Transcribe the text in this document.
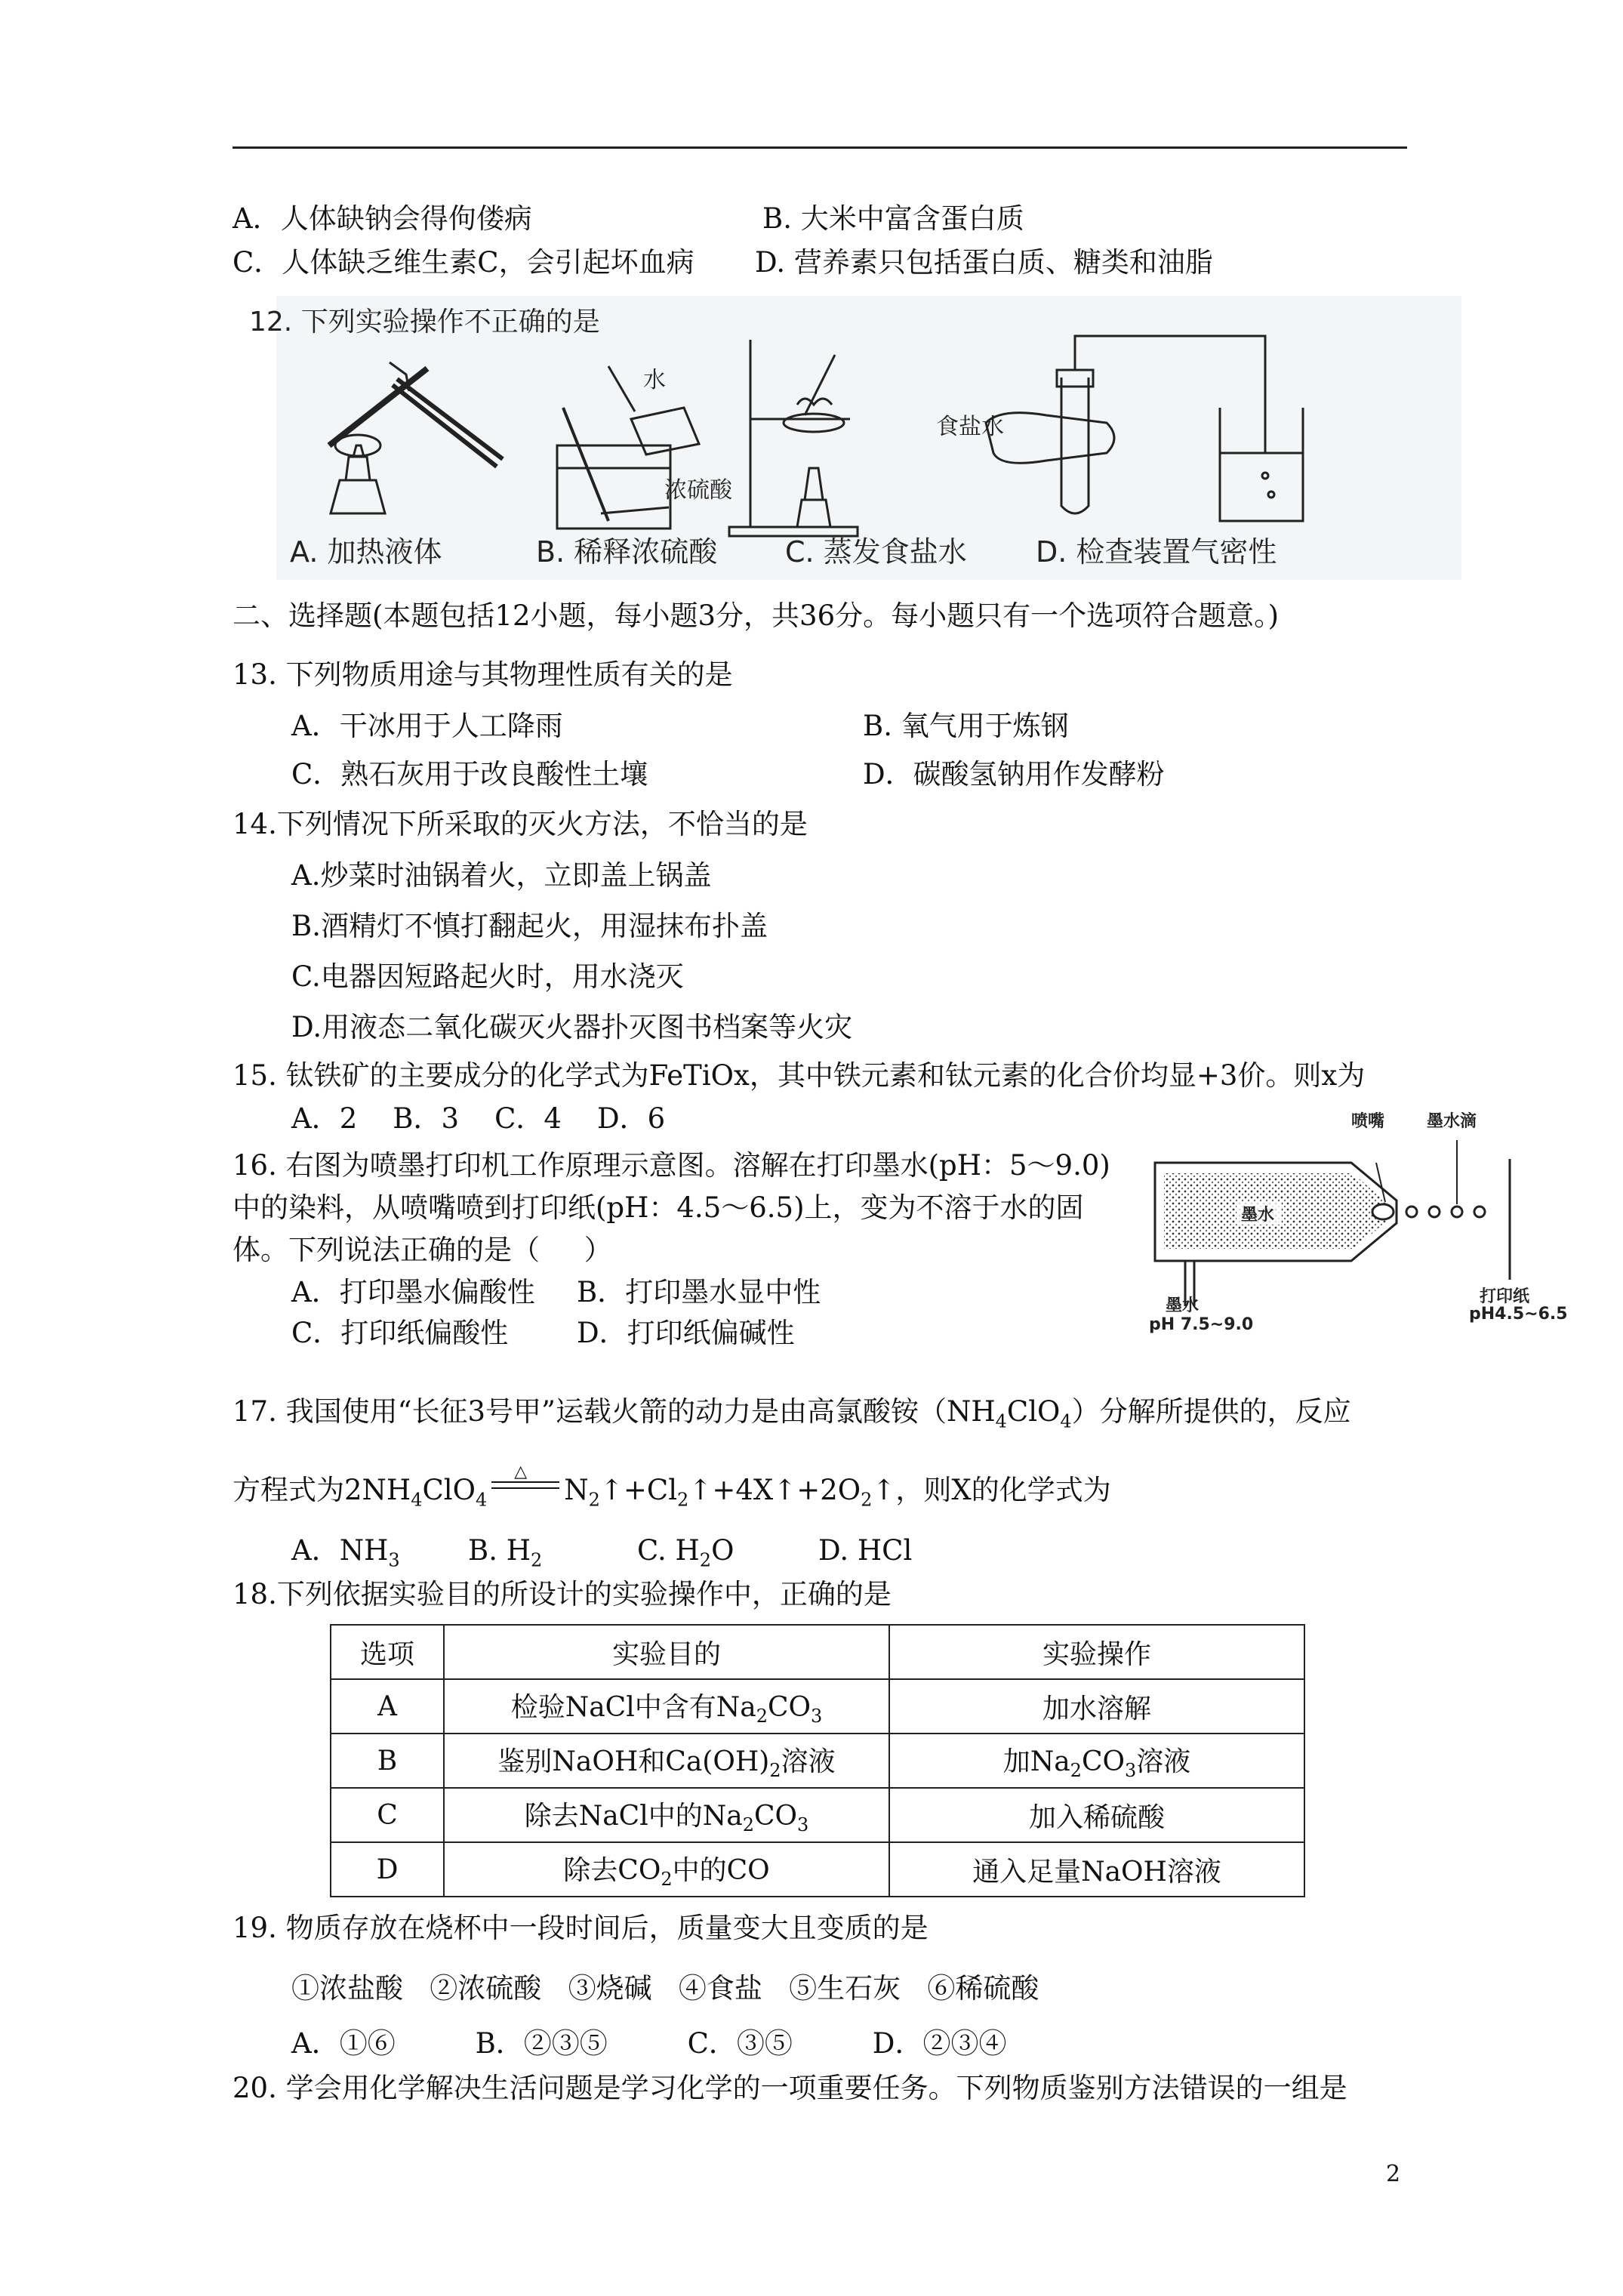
A．人体缺钠会得佝偻病	B. 大米中富含蛋白质
C．人体缺乏维生素C，会引起坏血病 D. 营养素只包括蛋白质、糖类和油脂
12. 下列实验操作不正确的是
水
浓硫酸
食盐水
A. 加热液体	B. 稀释浓硫酸 C. 蒸发食盐水 D. 检查装置气密性
二、选择题(本题包括12小题，每小题3分，共36分。每小题只有一个选项符合题意。)
13. 下列物质用途与其物理性质有关的是
A．干冰用于人工降雨	B. 氧气用于炼钢
C．熟石灰用于改良酸性土壤	D．碳酸氢钠用作发酵粉
14.下列情况下所采取的灭火方法，不恰当的是
A.炒菜时油锅着火，立即盖上锅盖
B.酒精灯不慎打翻起火，用湿抹布扑盖
C.电器因短路起火时，用水浇灭
D.用液态二氧化碳灭火器扑灭图书档案等火灾
15. 钛铁矿的主要成分的化学式为FeTiOx，其中铁元素和钛元素的化合价均显+3价。则x为
A．2    B．3    C．4    D．6
16. 右图为喷墨打印机工作原理示意图。溶解在打印墨水(pH：5～9.0)
中的染料，从喷嘴喷到打印纸(pH：4.5～6.5)上，变为不溶于水的固
体。下列说法正确的是（     ）
A．打印墨水偏酸性 B．打印墨水显中性
C．打印纸偏酸性 D．打印纸偏碱性
喷嘴	墨水滴
墨水
墨水
pH 7.5~9.0
打印纸
pH4.5~6.5
17. 我国使用“长征3号甲”运载火箭的动力是由高氯酸铵$(NH_4ClO_4)$分解所提供的，反应
方程式为$2NH_4ClO_4$
△
$N_2↑+Cl_2↑+4X↑+2O_2↑$，则X的化学式为
A．$NH_3$ B. $H_2$	C. $H_2O$	D. HCl
18.下列依据实验目的所设计的实验操作中，正确的是
选项	实验目的	实验操作
A	检验NaCl中含有$Na_2CO_3$	加水溶解
B	鉴别NaOH和$Ca(OH)_2$溶液	加$Na_2CO_3$溶液
C	除去NaCl中的$Na_2CO_3$	加入稀硫酸
D	除去$CO_2$中的CO	通入足量NaOH溶液
19. 物质存放在烧杯中一段时间后，质量变大且变质的是
①浓盐酸   ②浓硫酸   ③烧碱   ④食盐   ⑤生石灰   ⑥稀硫酸
A．①⑥         B．②③⑤         C．③⑤         D．②③④
20. 学会用化学解决生活问题是学习化学的一项重要任务。下列物质鉴别方法错误的一组是
2
